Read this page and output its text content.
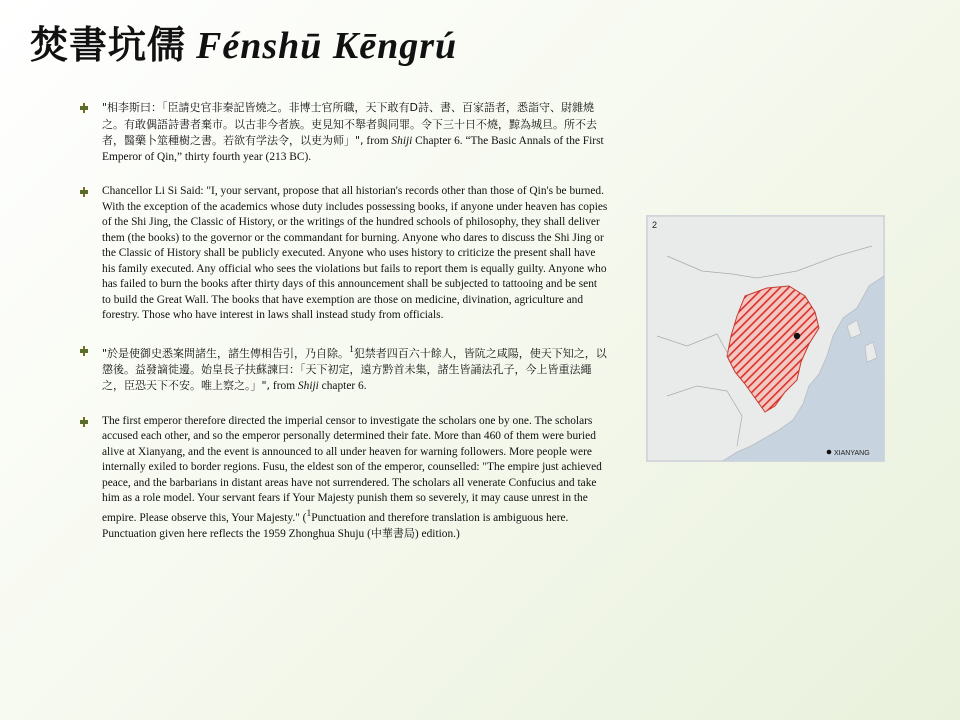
焚書坑儒 Fénshū Kēngrú
"相李斯曰：「臣請史官非秦記皆燒之。非博士官所職，天下敢有D詩、書、百家語者，悉詣守、尉雜燒之。有敢偶語詩書者棄市。以古非今者族。吏見知不舉者與同罪。令下三十日不燒，黥為城旦。所不去者，醫藥卜筮種樹之書。若欲有学法令，以吏为师」", from Shiji Chapter 6. “The Basic Annals of the First Emperor of Qin,” thirty fourth year (213 BC).
Chancellor Li Si Said: "I, your servant, propose that all historian's records other than those of Qin's be burned. With the exception of the academics whose duty includes possessing books, if anyone under heaven has copies of the Shi Jing, the Classic of History, or the writings of the hundred schools of philosophy, they shall deliver them (the books) to the governor or the commandant for burning. Anyone who dares to discuss the Shi Jing or the Classic of History shall be publicly executed. Anyone who uses history to criticize the present shall have his family executed. Any official who sees the violations but fails to report them is equally guilty. Anyone who has failed to burn the books after thirty days of this announcement shall be subjected to tattooing and be sent to build the Great Wall. The books that have exemption are those on medicine, divination, agriculture and forestry. Those who have interest in laws shall instead study from officials.
"於是使御史悉案問諸生，諸生傳相告引，乃自除。$^1$犯禁者四百六十餘人，皆阬之咸陽，使天下知之，以懲後。益發謫徙邊。始皇長子扶蘇諫曰：「天下初定，遠方黔首未集，諸生皆誦法孔子，今上皆重法繩之，臣恐天下不安。唯上察之。」", from Shiji chapter 6.
The first emperor therefore directed the imperial censor to investigate the scholars one by one. The scholars accused each other, and so the emperor personally determined their fate. More than 460 of them were buried alive at Xianyang, and the event is announced to all under heaven for warning followers. More people were internally exiled to border regions. Fusu, the eldest son of the emperor, counselled: "The empire just achieved peace, and the barbarians in distant areas have not surrendered. The scholars all venerate Confucius and take him as a role model. Your servant fears if Your Majesty punish them so severely, it may cause unrest in the empire. Please observe this, Your Majesty." ($^1$Punctuation and therefore translation is ambiguous here. Punctuation given here reflects the 1959 Zhonghua Shuju (中華書局) edition.)
2
XIANYANG
